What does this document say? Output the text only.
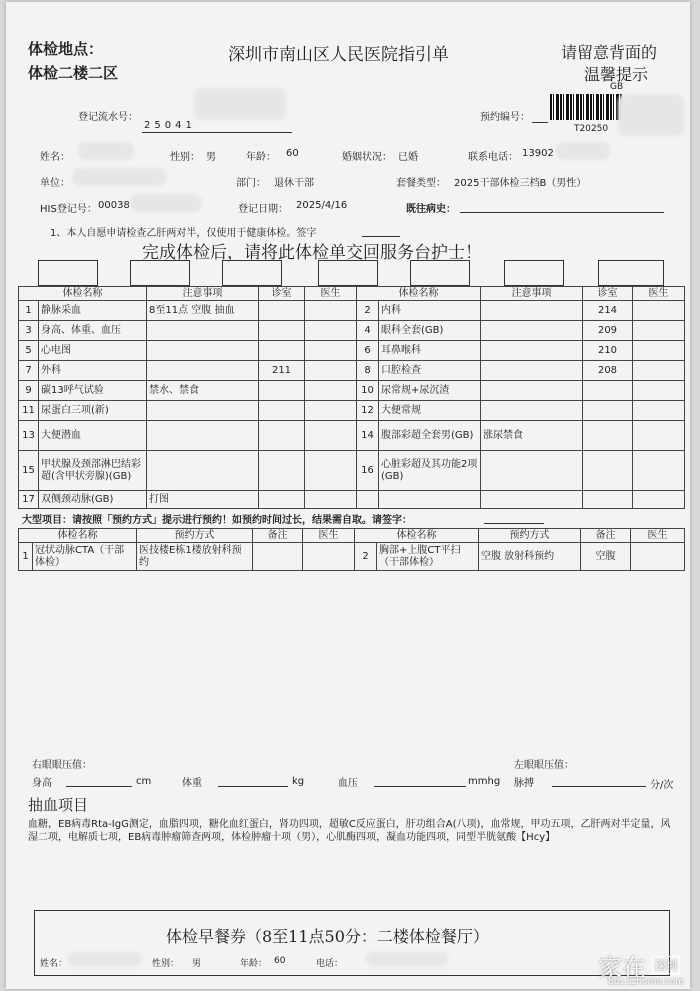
体检地点：
体检二楼二区
深圳市南山区人民医院指引单	请留意背面的
温馨提示
GB
登记流水号：
25041
预约编号：
T20250
姓名：	性别： 男	年龄： 60	婚姻状况： 已婚	联系电话： 13902
单位：	部门： 退休干部	套餐类型： 2025干部体检三档B（男性）
HIS登记号： 00038	登记日期： 2025/4/16	既往病史：
1、本人自愿申请检查乙肝两对半，仅使用于健康体检。签字
完成体检后，请将此体检单交回服务台护士！
体检名称		注意事项	诊室	医生	体检名称		注意事项	诊室	医生
1	静脉采血	8至11点 空腹 抽血			2	内科		214	
3	身高、体重、血压				4	眼科全套(GB)		209	
5	心电图				6	耳鼻喉科		210	
7	外科		211		8	口腔检查		208	
9	碳13呼气试验	禁水、禁食			10	尿常规+尿沉渣			
11	尿蛋白三项(新)				12	大便常规			
13	大便潜血				14	腹部彩超全套男(GB)	涨尿禁食		
15	甲状腺及颈部淋巴结彩超(含甲状旁腺)(GB)				16	心脏彩超及其功能2项(GB)			
17	双侧颈动脉(GB)	打图							
大型项目：请按照「预约方式」提示进行预约！如预约时间过长，结果需自取。请签字：
体检名称		预约方式	备注	医生	体检名称		预约方式	备注	医生
1	冠状动脉CTA（干部体检）	医技楼E栋1楼放射科预约			2	胸部+上腹CT平扫（干部体检）	空腹 放射科预约	空腹	
右眼眼压值：	左眼眼压值：
身高	cm	体重	kg	血压	mmhg 脉搏	分/次
抽血项目
血糖，EB病毒Rta-IgG测定，血脂四项，糖化血红蛋白，肾功四项，超敏C反应蛋白，肝功组合A(八项)，血常规，甲功五项，乙肝两对半定量，风湿二项，电解质七项，EB病毒肿瘤筛查两项，体检肿瘤十项（男），心肌酶四项，凝血功能四项，同型半胱氨酸【Hcy】
体检早餐券（8至11点50分：二楼体检餐厅）
姓名：	性别： 男	年龄： 60	电话：	家在 深圳
bbs.szhome.com
